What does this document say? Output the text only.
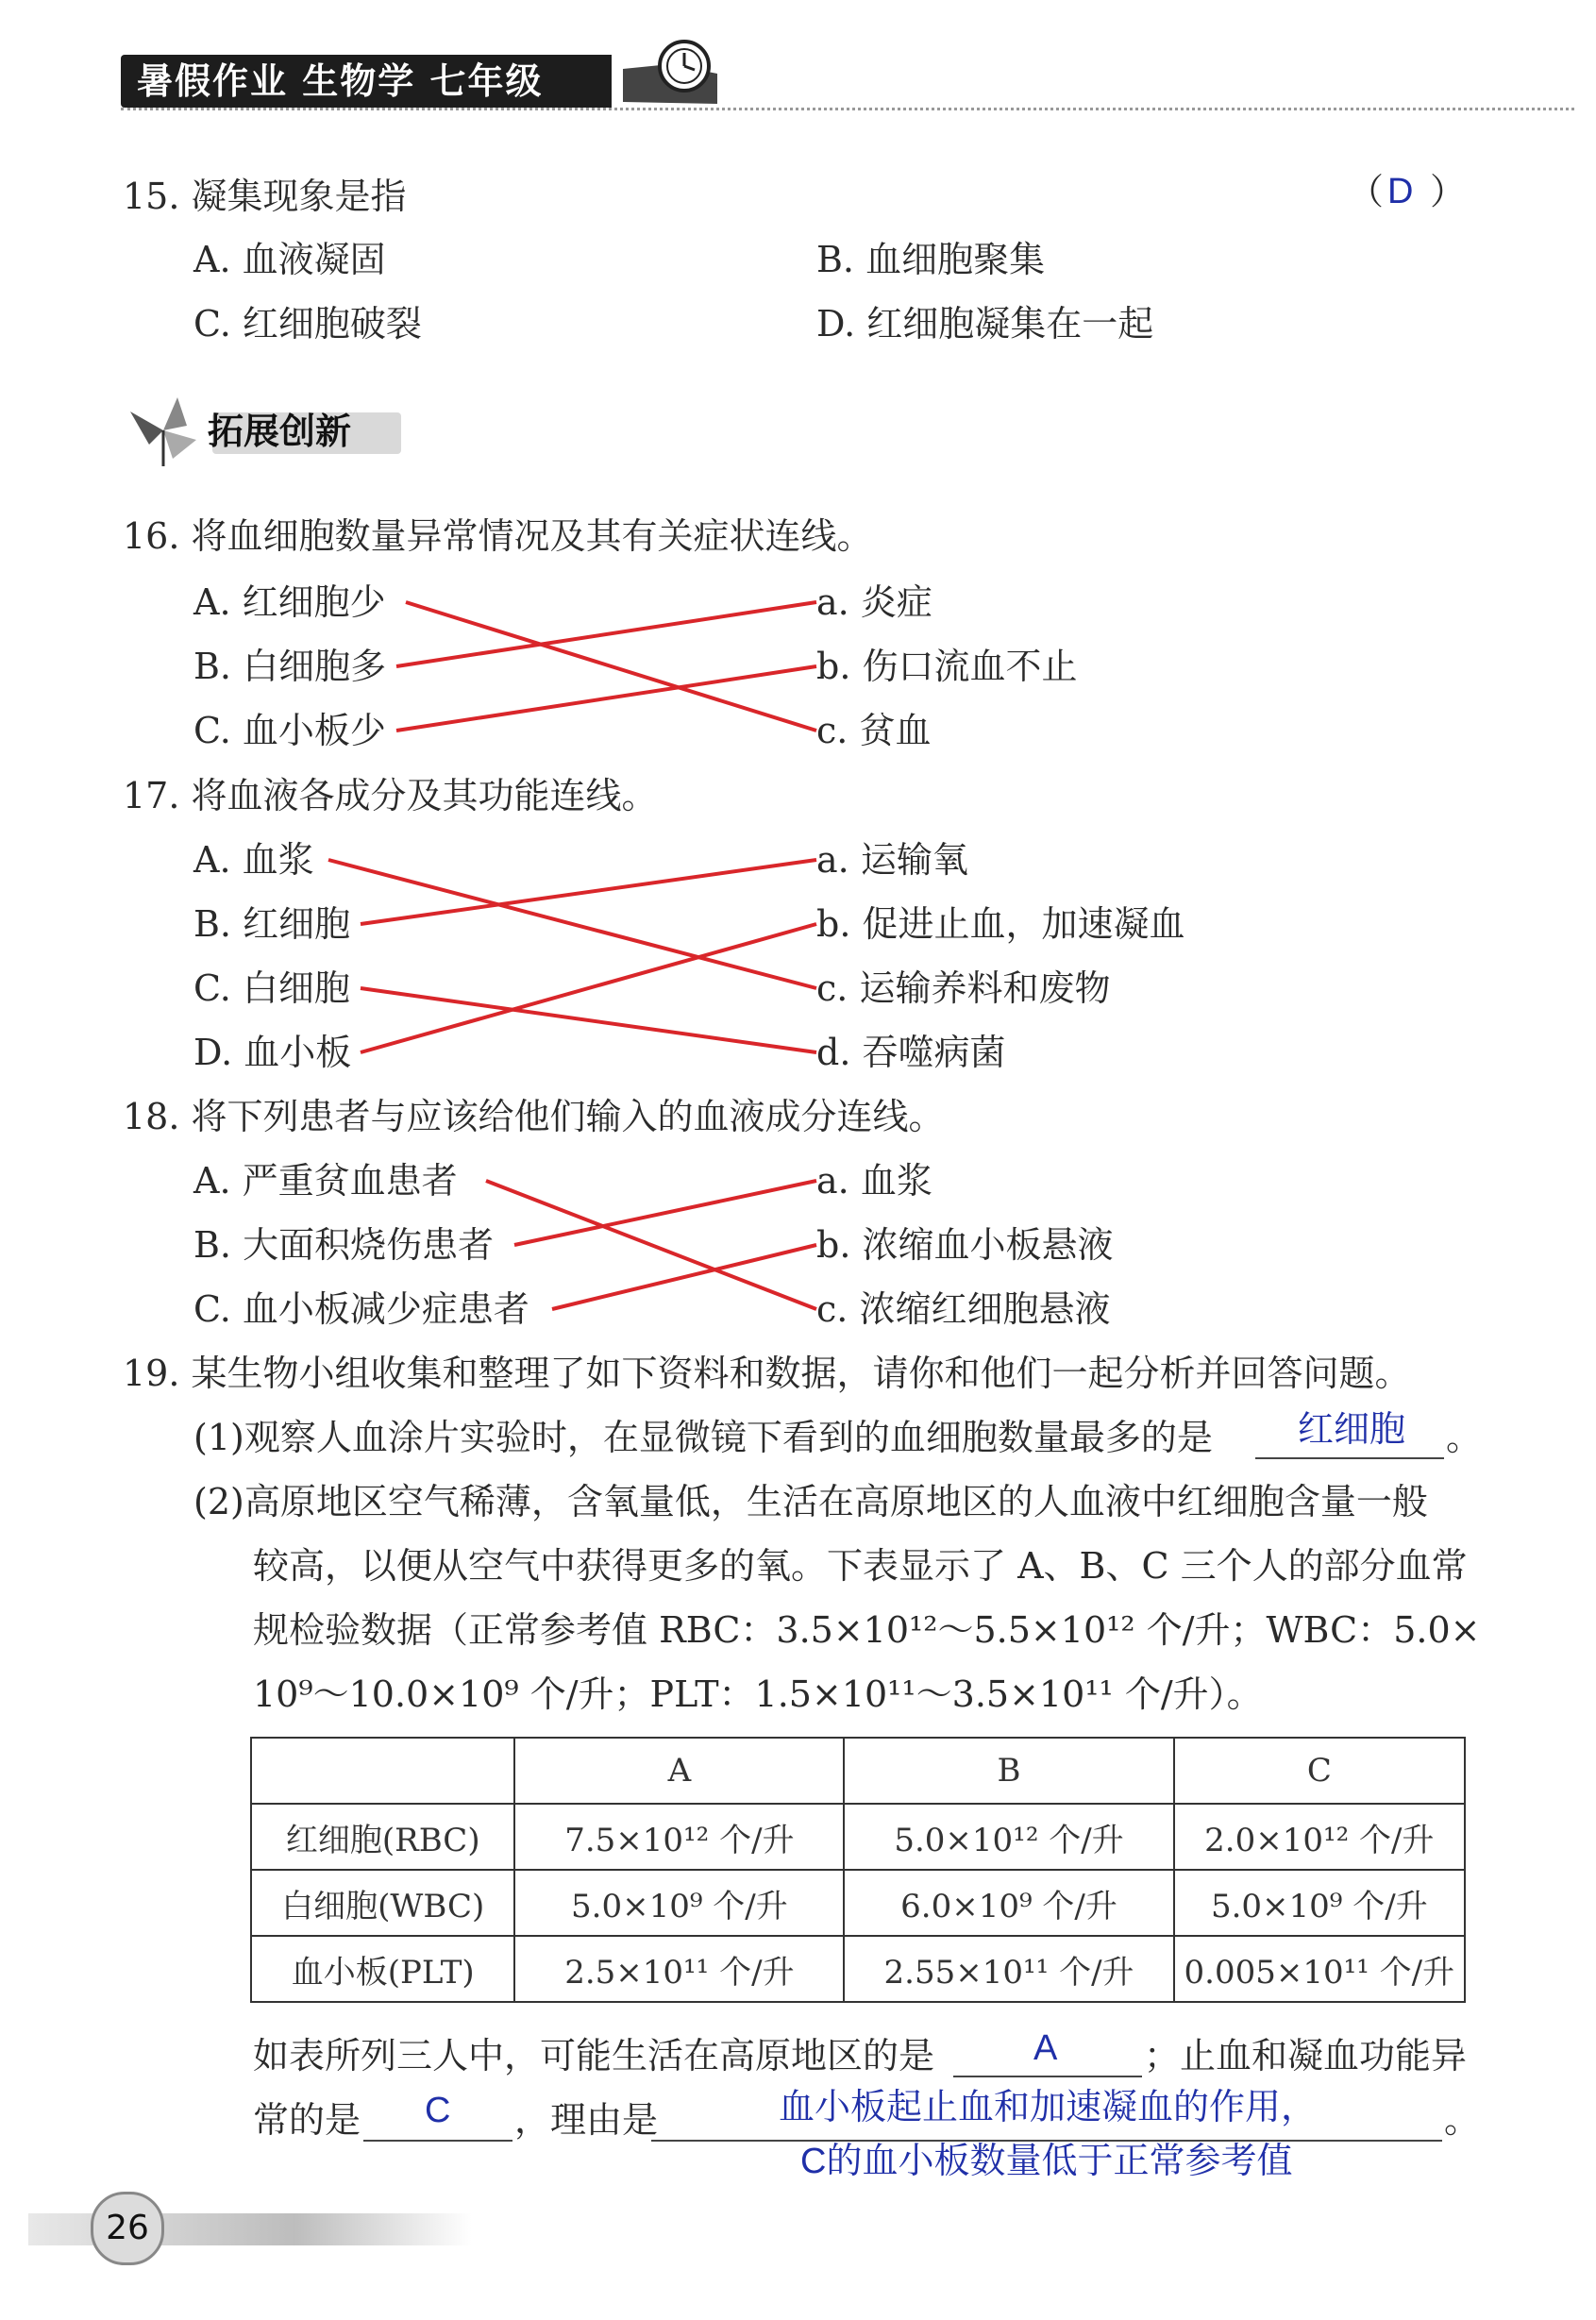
暑假作业 生物学 七年级
15. 凝集现象是指	（ D ）
A. 血液凝固	B. 血细胞聚集
C. 红细胞破裂	D. 红细胞凝集在一起
拓展创新
16. 将血细胞数量异常情况及其有关症状连线。
A. 红细胞少
B. 白细胞多
C. 血小板少
a. 炎症
b. 伤口流血不止
c. 贫血
17. 将血液各成分及其功能连线。
A. 血浆
B. 红细胞
C. 白细胞
D. 血小板
a. 运输氧
b. 促进止血，加速凝血
c. 运输养料和废物
d. 吞噬病菌
18. 将下列患者与应该给他们输入的血液成分连线。
A. 严重贫血患者
B. 大面积烧伤患者
C. 血小板减少症患者
a. 血浆
b. 浓缩血小板悬液
c. 浓缩红细胞悬液
19. 某生物小组收集和整理了如下资料和数据，请你和他们一起分析并回答问题。
(1)观察人血涂片实验时，在显微镜下看到的血细胞数量最多的是 红细胞 。
(2)高原地区空气稀薄，含氧量低，生活在高原地区的人血液中红细胞含量一般
较高，以便从空气中获得更多的氧。下表显示了 A、B、C 三个人的部分血常
规检验数据（正常参考值 RBC：3.5×10¹²～5.5×10¹² 个/升；WBC：5.0×
10⁹～10.0×10⁹ 个/升；PLT：1.5×10¹¹～3.5×10¹¹ 个/升）。
	A	B	C
红细胞(RBC)	7.5×10¹² 个/升	5.0×10¹² 个/升	2.0×10¹² 个/升
白细胞(WBC)	5.0×10⁹ 个/升	6.0×10⁹ 个/升	5.0×10⁹ 个/升
血小板(PLT)	2.5×10¹¹ 个/升	2.55×10¹¹ 个/升	0.005×10¹¹ 个/升
如表所列三人中，可能生活在高原地区的是	A ；止血和凝血功能异
常的是 C ，理由是	。
血小板起止血和加速凝血的作用，
C的血小板数量低于正常参考值
26
